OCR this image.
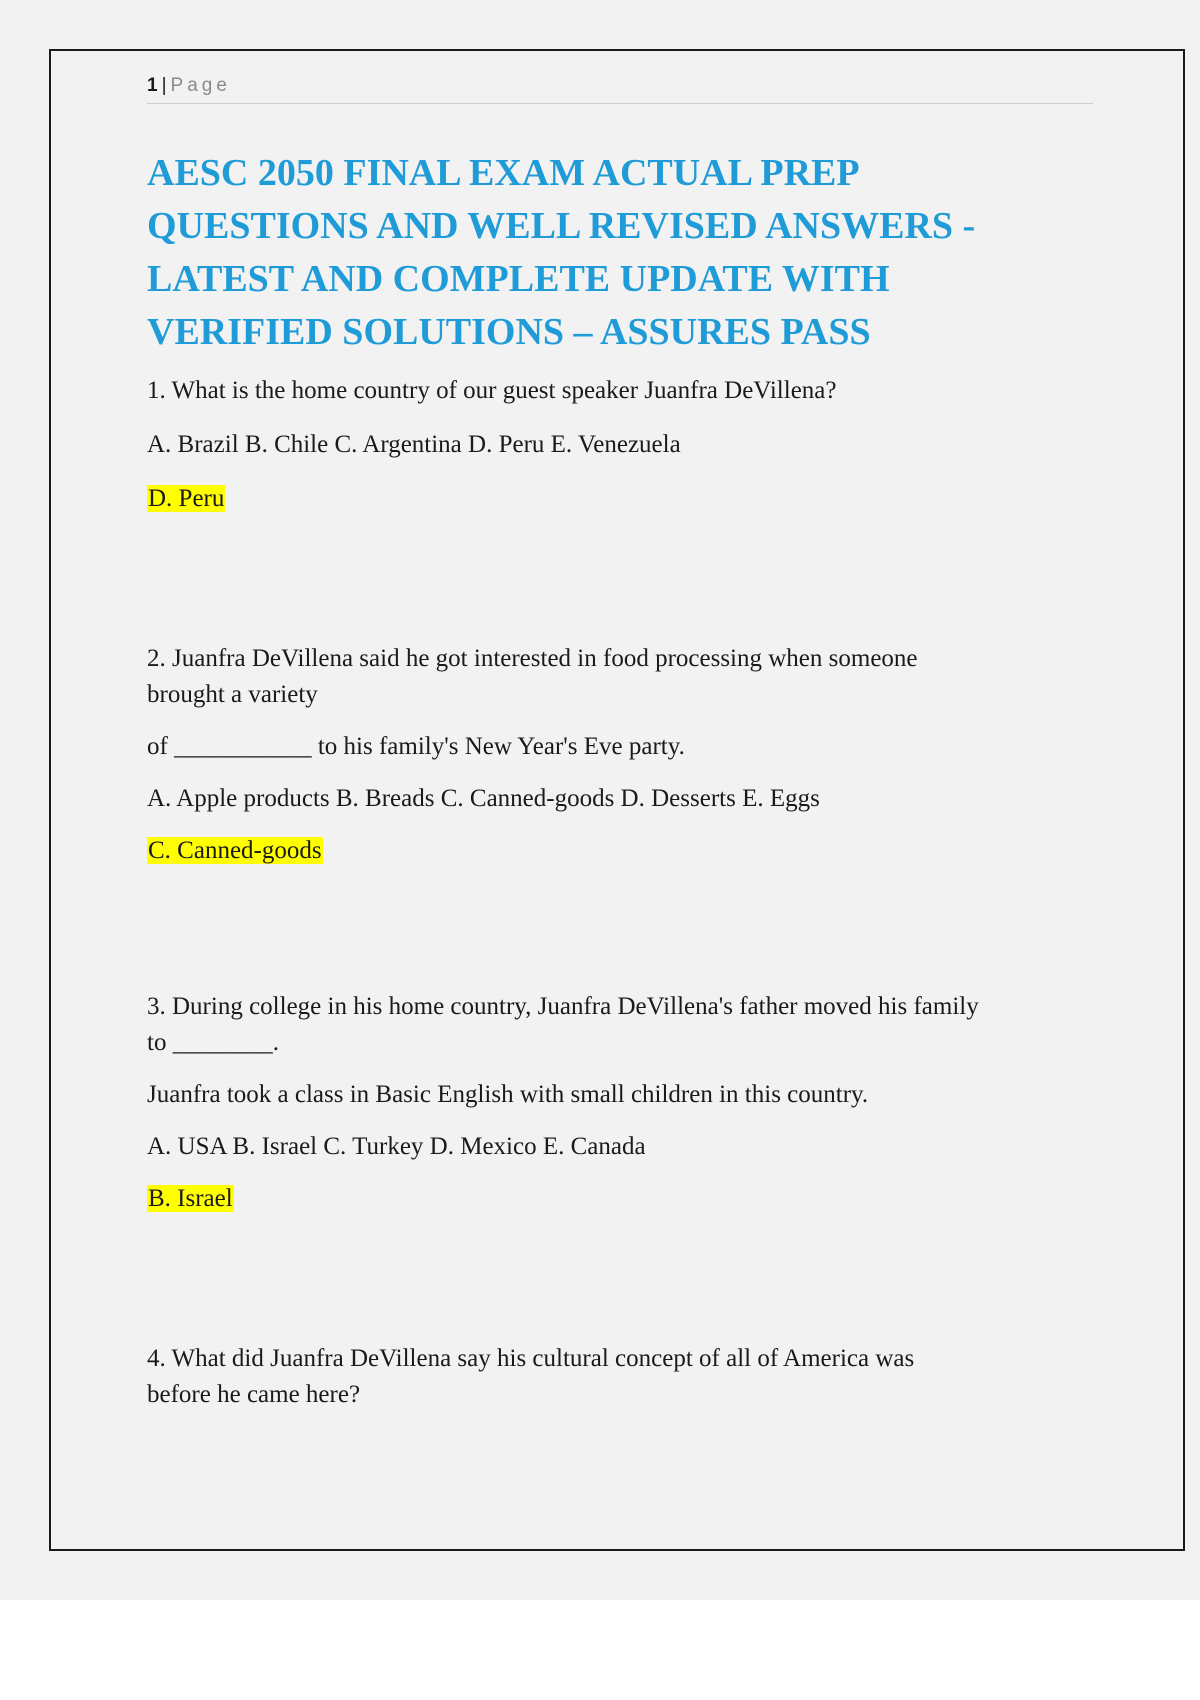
1 | Page
AESC 2050 FINAL EXAM ACTUAL PREP
QUESTIONS AND WELL REVISED ANSWERS -
LATEST AND COMPLETE UPDATE WITH
VERIFIED SOLUTIONS – ASSURES PASS

1. What is the home country of our guest speaker Juanfra DeVillena?

A. Brazil B. Chile C. Argentina D. Peru E. Venezuela

D. Peru

2. Juanfra DeVillena said he got interested in food processing when someone

brought a variety

of ___________ to his family's New Year's Eve party.

A. Apple products B. Breads C. Canned-goods D. Desserts E. Eggs

C. Canned-goods

3. During college in his home country, Juanfra DeVillena's father moved his family

to ________.

Juanfra took a class in Basic English with small children in this country.

A. USA B. Israel C. Turkey D. Mexico E. Canada

B. Israel

4. What did Juanfra DeVillena say his cultural concept of all of America was

before he came here?
